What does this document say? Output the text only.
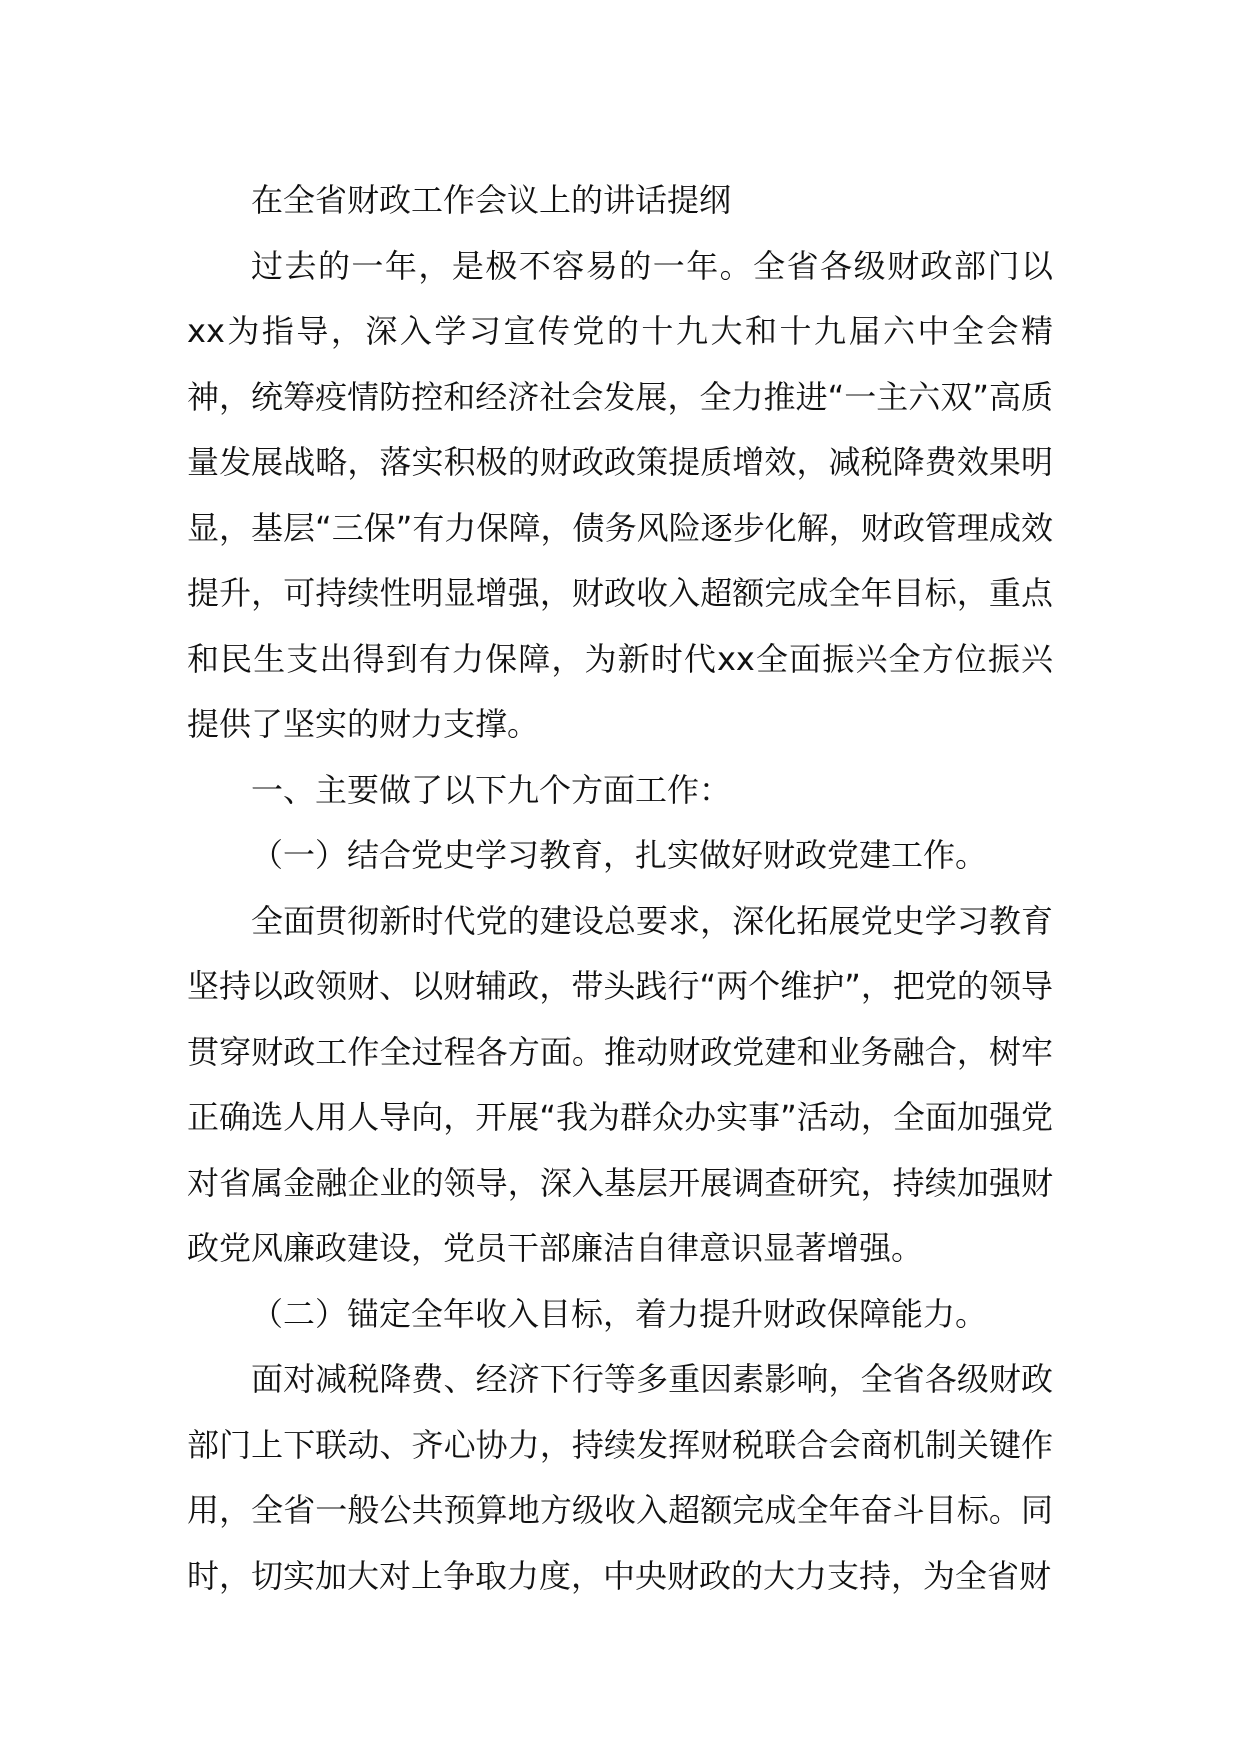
在全省财政工作会议上的讲话提纲

过去的一年，是极不容易的一年。全省各级财政部门以xx为指导，深入学习宣传党的十九大和十九届六中全会精神，统筹疫情防控和经济社会发展，全力推进“一主六双”高质量发展战略，落实积极的财政政策提质增效，减税降费效果明显，基层“三保”有力保障，债务风险逐步化解，财政管理成效提升，可持续性明显增强，财政收入超额完成全年目标，重点和民生支出得到有力保障，为新时代xx全面振兴全方位振兴提供了坚实的财力支撑。

一、主要做了以下九个方面工作：

（一）结合党史学习教育，扎实做好财政党建工作。

全面贯彻新时代党的建设总要求，深化拓展党史学习教育坚持以政领财、以财辅政，带头践行“两个维护”，把党的领导贯穿财政工作全过程各方面。推动财政党建和业务融合，树牢正确选人用人导向，开展“我为群众办实事”活动，全面加强党对省属金融企业的领导，深入基层开展调查研究，持续加强财政党风廉政建设，党员干部廉洁自律意识显著增强。

（二）锚定全年收入目标，着力提升财政保障能力。

面对减税降费、经济下行等多重因素影响，全省各级财政部门上下联动、齐心协力，持续发挥财税联合会商机制关键作用，全省一般公共预算地方级收入超额完成全年奋斗目标。同时，切实加大对上争取力度，中央财政的大力支持，为全省财
